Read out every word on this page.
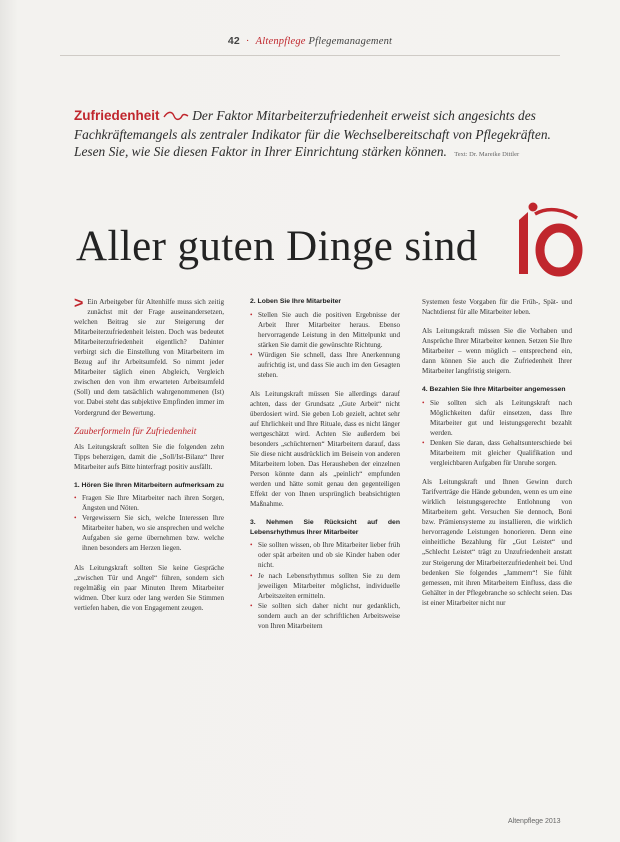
42 · Altenpflege Pflegemanagement
Zufriedenheit Der Faktor Mitarbeiterzufriedenheit erweist sich angesichts des Fachkräftemangels als zentraler Indikator für die Wechselbereitschaft von Pflegekräften. Lesen Sie, wie Sie diesen Faktor in Ihrer Einrichtung stärken können. Text: Dr. Mareike Dittler
Aller guten Dinge sind

> Ein Arbeitgeber für Altenhilfe muss sich zeitig zunächst mit der Frage auseinandersetzen, welchen Beitrag sie zur Steigerung der Mitarbeiterzufriedenheit leisten. Doch was bedeutet Mitarbeiterzufriedenheit eigentlich? Dahinter verbirgt sich die Einstellung von Mitarbeitern im Bezug auf ihr Arbeitsumfeld. So nimmt jeder Mitarbeiter täglich einen Abgleich, Vergleich zwischen den von ihm erwarteten Arbeitsumfeld (Soll) und dem tatsächlich wahrgenommenen (Ist) vor. Dabei steht das subjektive Empfinden immer im Vordergrund der Bewertung.

Zauberformeln für Zufriedenheit

Als Leitungskraft sollten Sie die folgenden zehn Tipps beherzigen, damit die „Soll/Ist-Bilanz“ Ihrer Mitarbeiter aufs Bitte hinterfragt positiv ausfällt.

1. Hören Sie Ihren Mitarbeitern aufmerksam zu
• Fragen Sie Ihre Mitarbeiter nach ihren Sorgen, Ängsten und Nöten.
• Vergewissern Sie sich, welche Interessen Ihre Mitarbeiter haben, wo sie ansprechen und welche Aufgaben sie gerne übernehmen bzw. welche ihnen besonders am Herzen liegen.

Als Leitungskraft sollten Sie keine Gespräche „zwischen Tür und Angel“ führen, sondern sich regelmäßig ein paar Minuten Ihrem Mitarbeiter widmen. Über kurz oder lang werden Sie Stimmen vertiefen haben, die von Engagement zeugen.

2. Loben Sie Ihre Mitarbeiter
• Stellen Sie auch die positiven Ergebnisse der Arbeit Ihrer Mitarbeiter heraus. Ebenso hervorragende Leistung in den Mittelpunkt und stärken Sie damit die gewünschte Richtung.
• Würdigen Sie schnell, dass Ihre Anerkennung aufrichtig ist, und dass Sie auch im den Gesagten stehen.

Als Leitungskraft müssen Sie allerdings darauf achten, dass der Grundsatz „Gute Arbeit“ nicht überdosiert wird. Sie geben Lob gezielt, achtet sehr auf Ehrlichkeit und Ihre Rituale, dass es nicht länger wertgeschätzt wird. Achten Sie außerdem bei besonders „schüchternen“ Mitarbeitern darauf, dass Sie diese nicht ausdrücklich im Beisein von anderen Mitarbeitern loben. Das Herausheben der einzelnen Person könnte dann als „peinlich“ empfunden werden und hätte somit genau den gegenteiligen Effekt der von Ihnen ursprünglich beabsichtigten Maßnahme.

3. Nehmen Sie Rücksicht auf den Lebensrhythmus Ihrer Mitarbeiter
• Sie sollten wissen, ob Ihre Mitarbeiter lieber früh oder spät arbeiten und ob sie Kinder haben oder nicht.
• Je nach Lebensrhythmus sollten Sie zu dem jeweiligen Mitarbeiter möglichst, individuelle Arbeitszeiten ermitteln.
• Sie sollten sich daher nicht nur gedanklich, sondern auch an der schriftlichen Arbeitsweise von Ihren Mitarbeitern

Systemen feste Vorgaben für die Früh-, Spät- und Nachtdienst für alle Mitarbeiter leben.

Als Leitungskraft müssen Sie die Vorhaben und Ansprüche Ihrer Mitarbeiter kennen. Setzen Sie Ihre Mitarbeiter – wenn möglich – entsprechend ein, dann können Sie auch die Zufriedenheit Ihrer Mitarbeiter langfristig steigern.

4. Bezahlen Sie Ihre Mitarbeiter angemessen
• Sie sollten sich als Leitungskraft nach Möglichkeiten dafür einsetzen, dass Ihre Mitarbeiter gut und leistungsgerecht bezahlt werden.
• Denken Sie daran, dass Gehaltsunterschiede bei Mitarbeitern mit gleicher Qualifikation und vergleichbaren Aufgaben für Unruhe sorgen.

Als Leitungskraft und Ihnen Gewinn durch Tarifverträge die Hände gebunden, wenn es um eine wirklich leistungsgerechte Entlohnung von Mitarbeitern geht. Versuchen Sie dennoch, Boni bzw. Prämiensysteme zu installieren, die wirklich hervorragende Leistungen honorieren. Denn eine einheitliche Bezahlung für „Gut Leistet“ und „Schlecht Leistet“ trägt zu Unzufriedenheit anstatt zur Steigerung der Mitarbeiterzufriedenheit bei. Und bedenken Sie folgendes „Jammern“! Sie fühlt gemessen, mit ihren Mitarbeitern Einfluss, dass die Gehälter in der Pflegebranche so schlecht seien. Das ist einer Mitarbeiter nicht nur

Altenpflege 2013
